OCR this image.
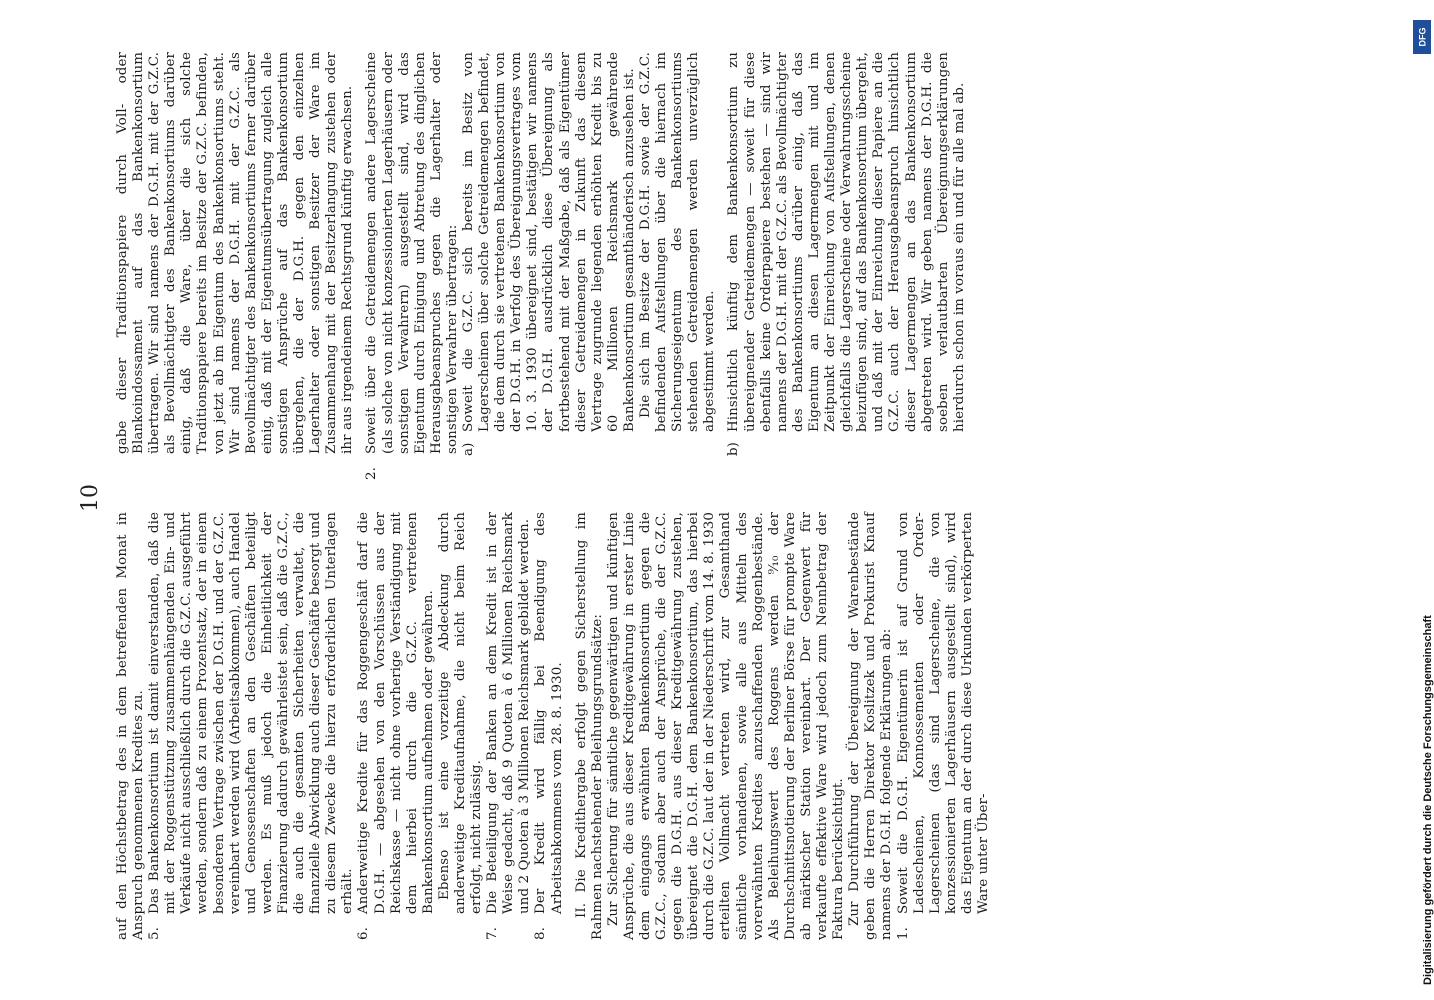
10

auf den Höchstbetrag des in dem betreffenden Monat in Anspruch genommenen Kredites zu. 5.
Das Bankenkonsortium ist damit einverstanden, daß die mit der Roggenstützung zusammenhängenden Ein- und Verkäufe nicht ausschließlich durch die G.Z.C. ausgeführt werden, sondern daß zu einem Prozentsatz, der in einem besonderen Vertrage zwischen der D.G.H. und der G.Z.C. vereinbart werden wird (Arbeitsabkommen), auch Handel und Genossenschaften an den Geschäften beteiligt werden. Es muß jedoch die Einheitlichkeit der Finanzierung dadurch gewährleistet sein, daß die G.Z.C., die auch die gesamten Sicherheiten verwaltet, die finanzielle Abwicklung auch dieser Geschäfte besorgt und zu diesem Zwecke die hierzu erforderlichen Unterlagen erhält.
6.
Anderweitige Kredite für das Roggengeschäft darf die D.G.H. — abgesehen von den Vorschüssen aus der Reichskasse — nicht ohne vorherige Verständigung mit dem hierbei durch die G.Z.C. vertretenen Bankenkonsortium aufnehmen oder gewähren. Ebenso ist eine vorzeitige Abdeckung durch anderweitige Kreditaufnahme, die nicht beim Reich erfolgt, nicht zulässig.
7.
Die Beteiligung der Banken an dem Kredit ist in der Weise gedacht, daß 9 Quoten à 6 Millionen Reichsmark und 2 Quoten à 3 Millionen Reichsmark gebildet werden.
8.
Der Kredit wird fällig bei Beendigung des Arbeitsabkommens vom 28. 8. 1930. II. Die Kredithergabe erfolgt gegen Sicherstellung im Rahmen nachstehender Beleihungsgrundsätze: Zur Sicherung für sämtliche gegenwärtigen und künftigen Ansprüche, die aus dieser Kreditgewährung in erster Linie dem eingangs erwähnten Bankenkonsortium gegen die G.Z.C., sodann aber auch der Ansprüche, die der G.Z.C. gegen die D.G.H. aus dieser Kreditgewährung zustehen, übereignet die D.G.H. dem Bankenkonsortium, das hierbei durch die G.Z.C. laut der in der Niederschrift vom 14. 8. 1930 erteilten Vollmacht vertreten wird, zur Gesamthand sämtliche vorhandenen, sowie alle aus Mitteln des vorerwähnten Kredites anzuschaffenden Roggenbestände. Als Beleihungswert des Roggens werden ⁹⁄₁₀ der Durchschnittsnotierung der Berliner Börse für prompte Ware ab märkischer Station vereinbart. Der Gegenwert für verkaufte effektive Ware wird jedoch zum Nennbetrag der Faktura berücksichtigt. Zur Durchführung der Übereignung der Warenbestände geben die Herren Direktor Koslitzek und Prokurist Knauf namens der D.G.H. folgende Erklärungen ab: 1.
Soweit die D.G.H. Eigentümerin ist auf Grund von Ladescheinen, Konnossementen oder Order-Lagerscheinen (das sind Lagerscheine, die von konzessionierten Lagerhäusern ausgestellt sind), wird das Eigentum an der durch diese Urkunden verkörperten Ware unter Über-

gabe dieser Traditionspapiere durch Voll- oder Blankoindossament auf das Bankenkonsortium übertragen. Wir sind namens der D.G.H. mit der G.Z.C. als Bevollmächtigter des Bankenkonsortiums darüber einig, daß die Ware, über die sich solche Traditionspapiere bereits im Besitze der G.Z.C. befinden, von jetzt ab im Eigentum des Bankenkonsortiums steht. Wir sind namens der D.G.H. mit der G.Z.C. als Bevollmächtigter des Bankenkonsortiums ferner darüber einig, daß mit der Eigentumsübertragung zugleich alle sonstigen Ansprüche auf das Bankenkonsortium übergehen, die der D.G.H. gegen den einzelnen Lagerhalter oder sonstigen Besitzer der Ware im Zusammenhang mit der Besitzerlangung zustehen oder ihr aus irgendeinem Rechtsgrund künftig erwachsen.

2.
Soweit über die Getreidemengen andere Lagerscheine (als solche von nicht konzessionierten Lagerhäusern oder sonstigen Verwahrern) ausgestellt sind, wird das Eigentum durch Einigung und Abtretung des dinglichen Herausgabeanspruches gegen die Lagerhalter oder sonstigen Verwahrer übertragen: a)
Soweit die G.Z.C. sich bereits im Besitz von Lagerscheinen über solche Getreidemengen befindet, die dem durch sie vertretenen Bankenkonsortium von der D.G.H. in Verfolg des Übereignungsvertrages vom 10. 3. 1930 übereignet sind, bestätigen wir namens der D.G.H. ausdrücklich diese Übereignung als fortbestehend mit der Maßgabe, daß als Eigentümer dieser Getreidemengen in Zukunft das diesem Vertrage zugrunde liegenden erhöhten Kredit bis zu 60 Millionen Reichsmark gewährende Bankenkonsortium gesamthänderisch anzusehen ist. Die sich im Besitze der D.G.H. sowie der G.Z.C. befindenden Aufstellungen über die hiernach im Sicherungseigentum des Bankenkonsortiums stehenden Getreidemengen werden unverzüglich abgestimmt werden.
b)
Hinsichtlich künftig dem Bankenkonsortium zu übereignender Getreidemengen — soweit für diese ebenfalls keine Orderpapiere bestehen — sind wir namens der D.G.H. mit der G.Z.C. als Bevollmächtigter des Bankenkonsortiums darüber einig, daß das Eigentum an diesen Lagermengen mit und im Zeitpunkt der Einreichung von Aufstellungen, denen gleichfalls die Lagerscheine oder Verwahrungsscheine beizufügen sind, auf das Bankenkonsortium übergeht, und daß mit der Einreichung dieser Papiere an die G.Z.C. auch der Herausgabeanspruch hinsichtlich dieser Lagermengen an das Bankenkonsortium abgetreten wird. Wir geben namens der D.G.H. die soeben verlautbarten Übereignungserklärungen hierdurch schon im voraus ein und für alle mal ab.
DFG
Digitalisierung gefördert durch die Deutsche Forschungsgemeinschaft
